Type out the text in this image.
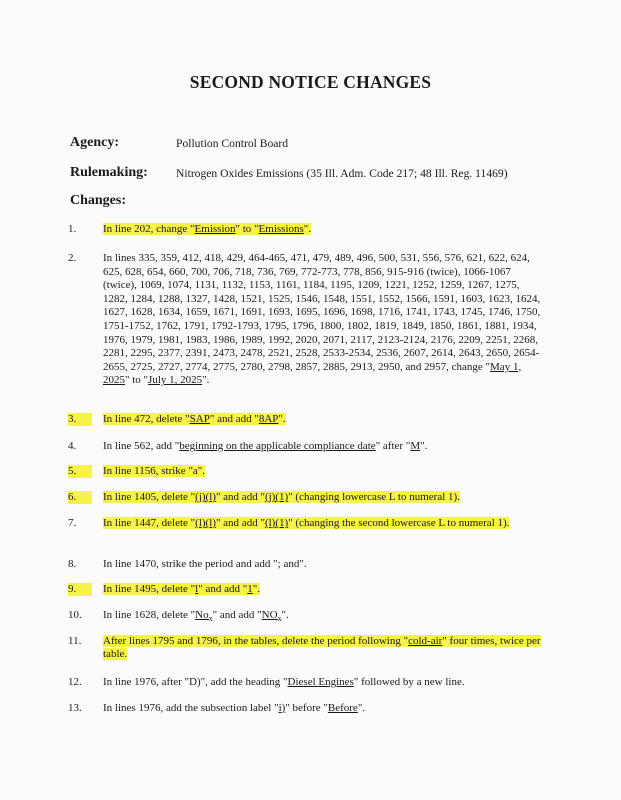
SECOND NOTICE CHANGES
Agency:	Pollution Control Board
Rulemaking: Nitrogen Oxides Emissions (35 Ill. Adm. Code 217; 48 Ill. Reg. 11469)
Changes:
1.	In line 202, change "Emission" to "Emissions".
2.	In lines 335, 359, 412, 418, 429, 464-465, 471, 479, 489, 496, 500, 531, 556, 576, 621, 622, 624, 625, 628, 654, 660, 700, 706, 718, 736, 769, 772-773, 778, 856, 915-916 (twice), 1066-1067 (twice), 1069, 1074, 1131, 1132, 1153, 1161, 1184, 1195, 1209, 1221, 1252, 1259, 1267, 1275, 1282, 1284, 1288, 1327, 1428, 1521, 1525, 1546, 1548, 1551, 1552, 1566, 1591, 1603, 1623, 1624, 1627, 1628, 1634, 1659, 1671, 1691, 1693, 1695, 1696, 1698, 1716, 1741, 1743, 1745, 1746, 1750, 1751-1752, 1762, 1791, 1792-1793, 1795, 1796, 1800, 1802, 1819, 1849, 1850, 1861, 1881, 1934, 1976, 1979, 1981, 1983, 1986, 1989, 1992, 2020, 2071, 2117, 2123-2124, 2176, 2209, 2251, 2268, 2281, 2295, 2377, 2391, 2473, 2478, 2521, 2528, 2533-2534, 2536, 2607, 2614, 2643, 2650, 2654-2655, 2725, 2727, 2774, 2775, 2780, 2798, 2857, 2885, 2913, 2950, and 2957, change "May 1, 2025" to "July 1, 2025".
3.	In line 472, delete "SAP" and add "8AP".
4.	In line 562, add "beginning on the applicable compliance date" after "M".
5.	In line 1156, strike "a".
6.	In line 1405, delete "(j)(l)" and add "(j)(1)" (changing lowercase L to numeral 1).
7.	In line 1447, delete "(l)(l)" and add "(l)(1)" (changing the second lowercase L to numeral 1).
8.	In line 1470, strike the period and add "; and".
9.	In line 1495, delete "l" and add "1".
10.	In line 1628, delete "$No_x$" and add "$NO_x$".
11.	After lines 1795 and 1796, in the tables, delete the period following "cold-air" four times, twice per table.
12.	In line 1976, after "D)", add the heading "Diesel Engines" followed by a new line.
13.	In lines 1976, add the subsection label "i)" before "Before".
